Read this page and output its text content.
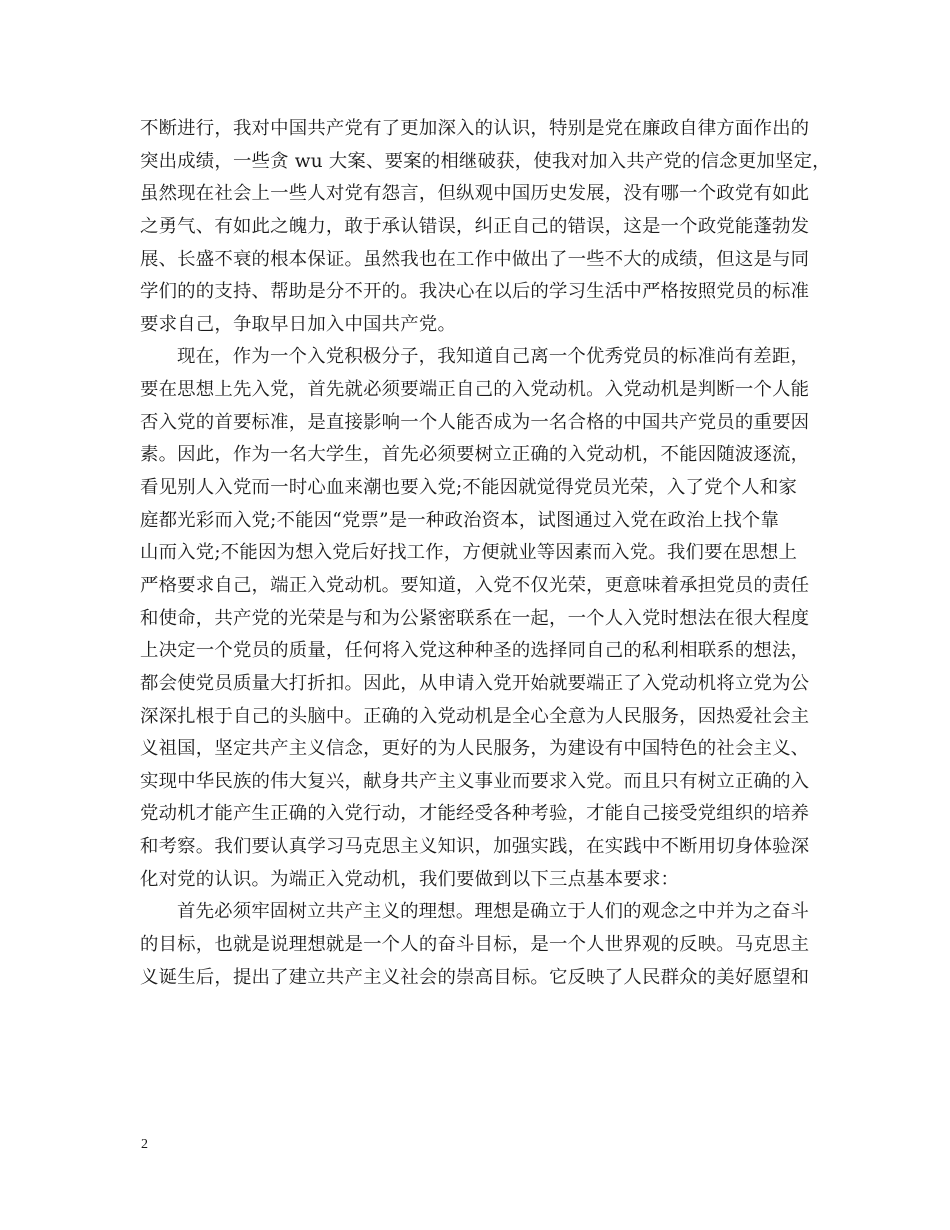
不断进行，我对中国共产党有了更加深入的认识，特别是党在廉政自律方面作出的
突出成绩，一些贪 wu 大案、要案的相继破获，使我对加入共产党的信念更加坚定，
虽然现在社会上一些人对党有怨言，但纵观中国历史发展，没有哪一个政党有如此
之勇气、有如此之魄力，敢于承认错误，纠正自己的错误，这是一个政党能蓬勃发
展、长盛不衰的根本保证。虽然我也在工作中做出了一些不大的成绩，但这是与同
学们的的支持、帮助是分不开的。我决心在以后的学习生活中严格按照党员的标准
要求自己，争取早日加入中国共产党。
现在，作为一个入党积极分子，我知道自己离一个优秀党员的标准尚有差距，
要在思想上先入党，首先就必须要端正自己的入党动机。入党动机是判断一个人能
否入党的首要标准，是直接影响一个人能否成为一名合格的中国共产党员的重要因
素。因此，作为一名大学生，首先必须要树立正确的入党动机，不能因随波逐流，
看见别人入党而一时心血来潮也要入党;不能因就觉得党员光荣，入了党个人和家
庭都光彩而入党;不能因“党票”是一种政治资本，试图通过入党在政治上找个靠
山而入党;不能因为想入党后好找工作，方便就业等因素而入党。我们要在思想上
严格要求自己，端正入党动机。要知道，入党不仅光荣，更意味着承担党员的责任
和使命，共产党的光荣是与和为公紧密联系在一起，一个人入党时想法在很大程度
上决定一个党员的质量，任何将入党这种种圣的选择同自己的私利相联系的想法，
都会使党员质量大打折扣。因此，从申请入党开始就要端正了入党动机将立党为公
深深扎根于自己的头脑中。正确的入党动机是全心全意为人民服务，因热爱社会主
义祖国，坚定共产主义信念，更好的为人民服务，为建设有中国特色的社会主义、
实现中华民族的伟大复兴，献身共产主义事业而要求入党。而且只有树立正确的入
党动机才能产生正确的入党行动，才能经受各种考验，才能自己接受党组织的培养
和考察。我们要认真学习马克思主义知识，加强实践，在实践中不断用切身体验深
化对党的认识。为端正入党动机，我们要做到以下三点基本要求：
首先必须牢固树立共产主义的理想。理想是确立于人们的观念之中并为之奋斗
的目标，也就是说理想就是一个人的奋斗目标，是一个人世界观的反映。马克思主
义诞生后，提出了建立共产主义社会的崇高目标。它反映了人民群众的美好愿望和
2
